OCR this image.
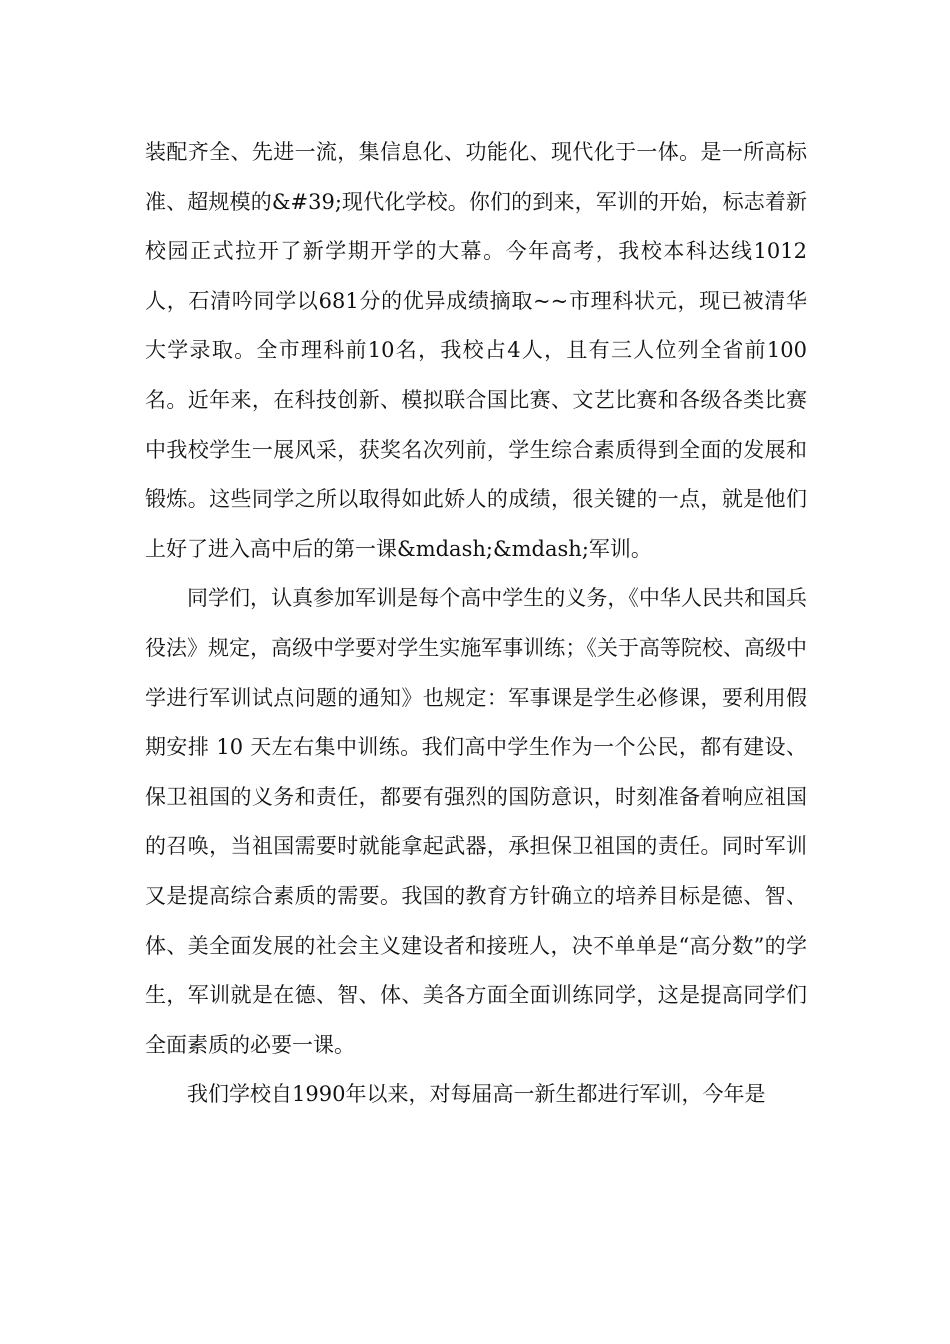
装配齐全、先进一流，集信息化、功能化、现代化于一体。是一所高标准、超规模的&#39;现代化学校。你们的到来，军训的开始，标志着新校园正式拉开了新学期开学的大幕。今年高考，我校本科达线1012人，石清吟同学以681分的优异成绩摘取~~市理科状元，现已被清华大学录取。全市理科前10名，我校占4人，且有三人位列全省前100名。近年来，在科技创新、模拟联合国比赛、文艺比赛和各级各类比赛中我校学生一展风采，获奖名次列前，学生综合素质得到全面的发展和锻炼。这些同学之所以取得如此娇人的成绩，很关键的一点，就是他们上好了进入高中后的第一课&mdash;&mdash;军训。

同学们，认真参加军训是每个高中学生的义务，《中华人民共和国兵役法》规定，高级中学要对学生实施军事训练；《关于高等院校、高级中学进行军训试点问题的通知》也规定：军事课是学生必修课，要利用假期安排 10 天左右集中训练。我们高中学生作为一个公民，都有建设、保卫祖国的义务和责任，都要有强烈的国防意识，时刻准备着响应祖国的召唤，当祖国需要时就能拿起武器，承担保卫祖国的责任。同时军训又是提高综合素质的需要。我国的教育方针确立的培养目标是德、智、体、美全面发展的社会主义建设者和接班人，决不单单是“高分数”的学生，军训就是在德、智、体、美各方面全面训练同学，这是提高同学们全面素质的必要一课。

我们学校自1990年以来，对每届高一新生都进行军训，今年是
